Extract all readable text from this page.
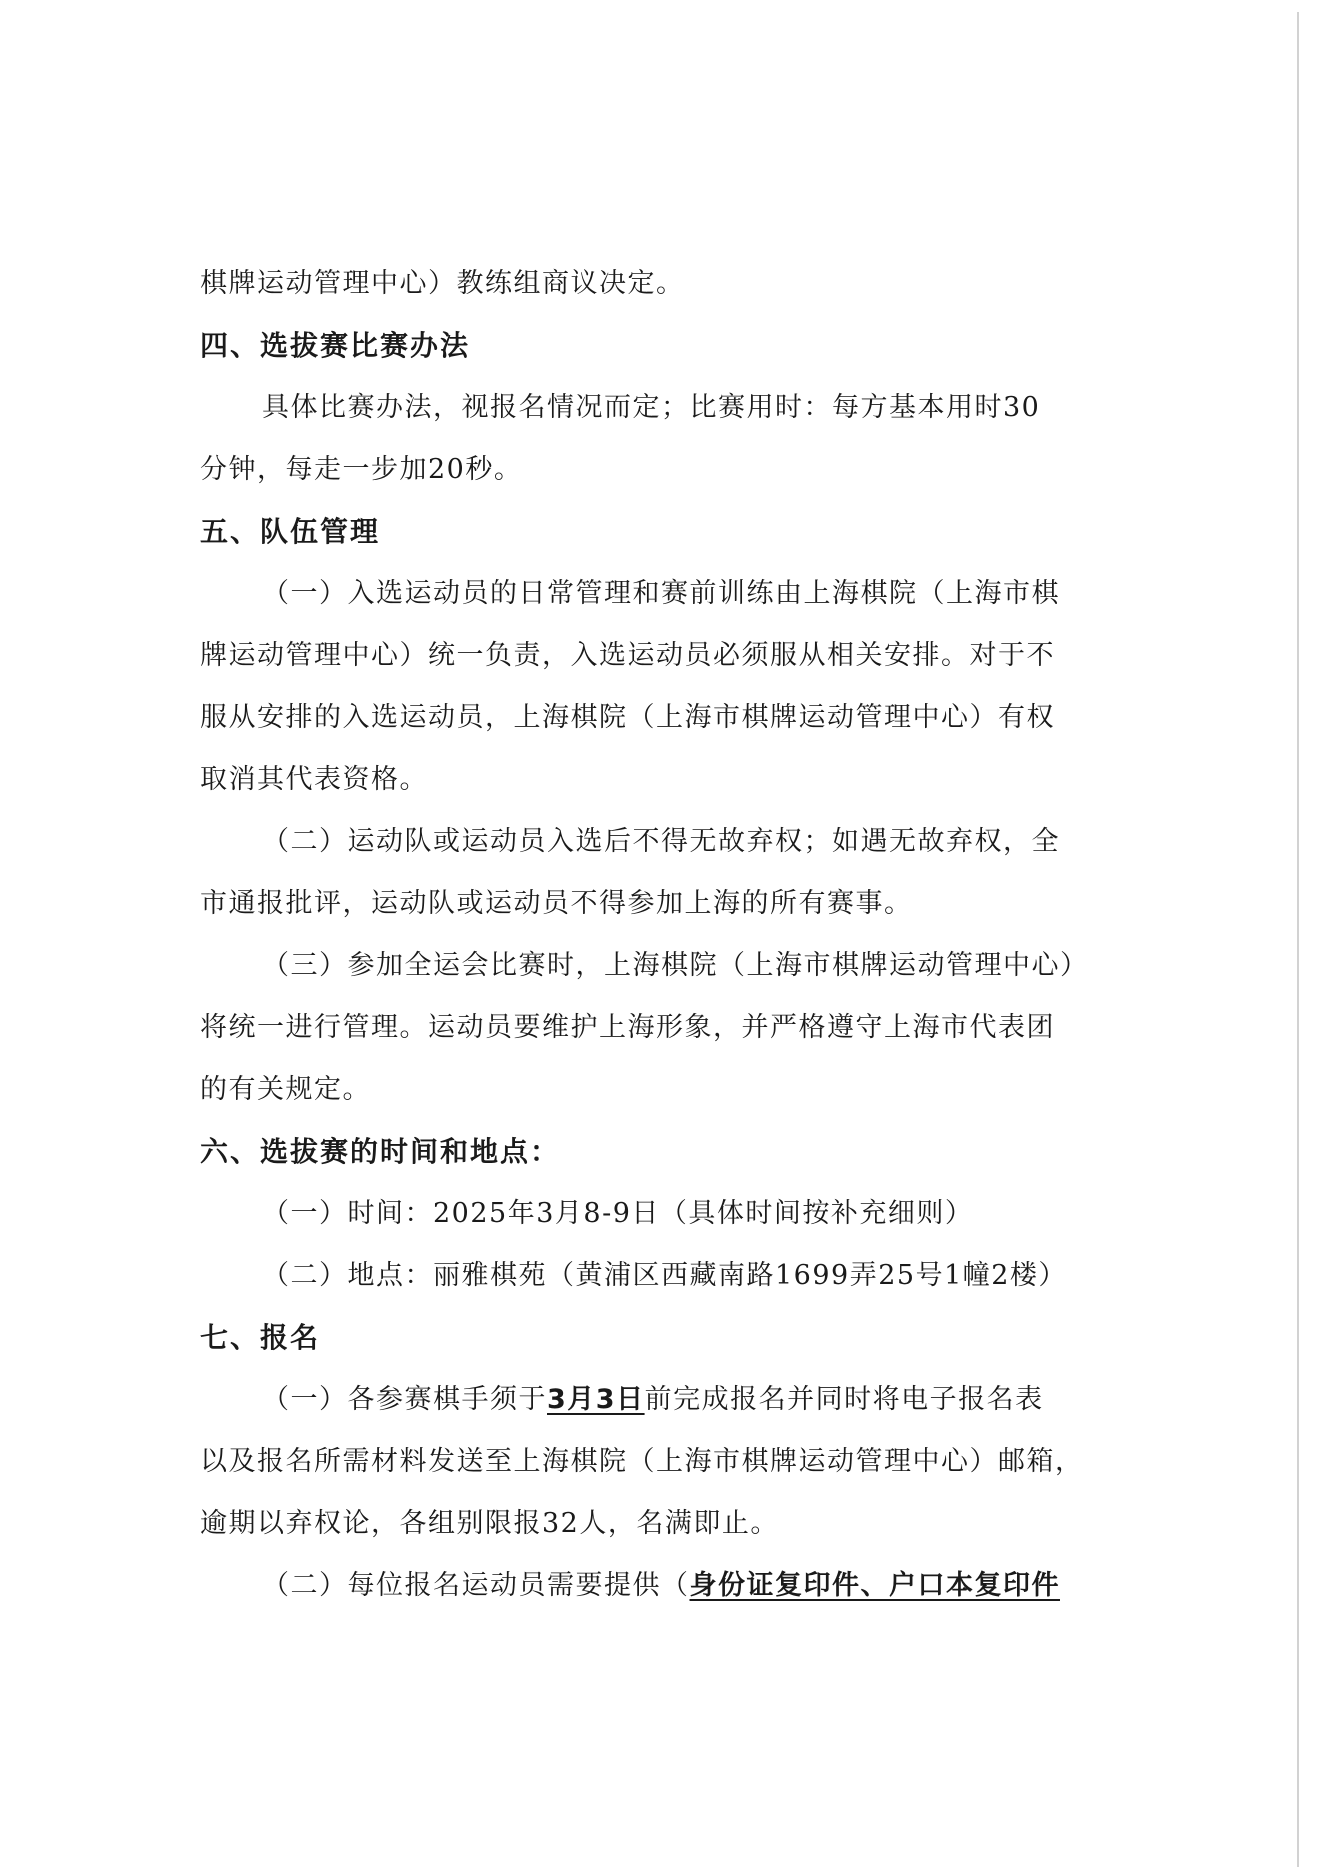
棋牌运动管理中心）教练组商议决定。
四、选拔赛比赛办法
具体比赛办法，视报名情况而定；比赛用时：每方基本用时30
分钟，每走一步加20秒。
五、队伍管理
（一）入选运动员的日常管理和赛前训练由上海棋院（上海市棋
牌运动管理中心）统一负责，入选运动员必须服从相关安排。对于不
服从安排的入选运动员，上海棋院（上海市棋牌运动管理中心）有权
取消其代表资格。
（二）运动队或运动员入选后不得无故弃权；如遇无故弃权，全
市通报批评，运动队或运动员不得参加上海的所有赛事。
（三）参加全运会比赛时，上海棋院（上海市棋牌运动管理中心）
将统一进行管理。运动员要维护上海形象，并严格遵守上海市代表团
的有关规定。
六、选拔赛的时间和地点：
（一）时间：2025年3月8-9日（具体时间按补充细则）
（二）地点：丽雅棋苑（黄浦区西藏南路1699弄25号1幢2楼）
七、报名
（一）各参赛棋手须于3月3日前完成报名并同时将电子报名表
以及报名所需材料发送至上海棋院（上海市棋牌运动管理中心）邮箱，
逾期以弃权论，各组别限报32人，名满即止。
（二）每位报名运动员需要提供（身份证复印件、户口本复印件
